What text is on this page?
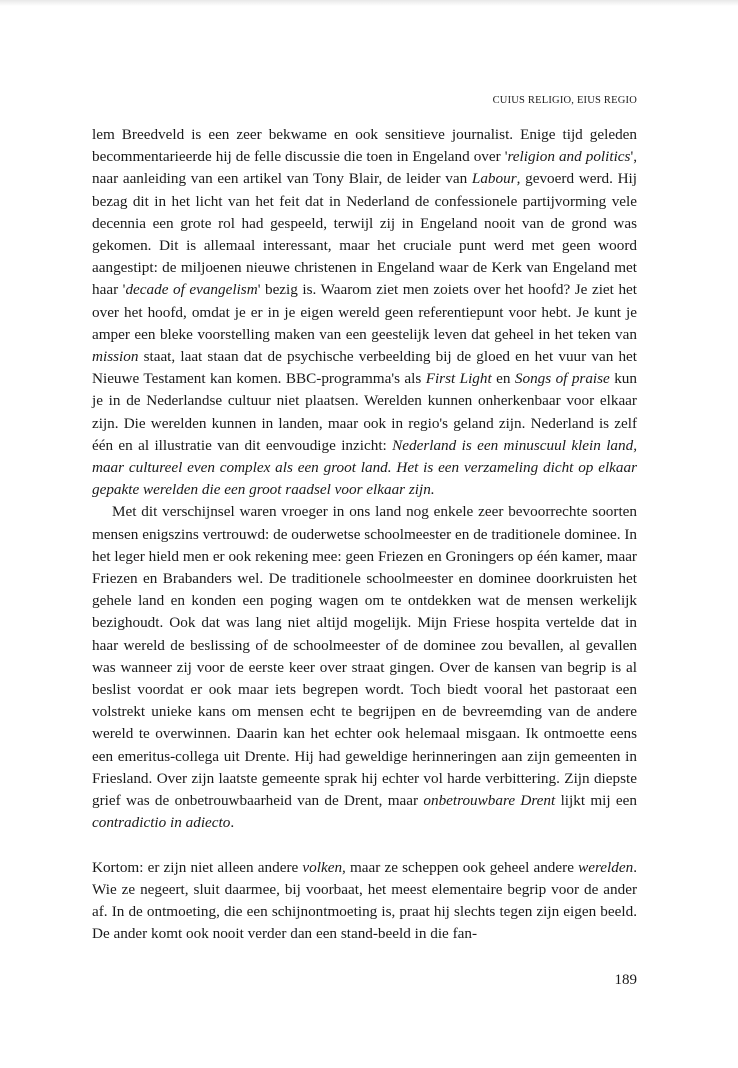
CUIUS RELIGIO, EIUS REGIO

lem Breedveld is een zeer bekwame en ook sensitieve journalist. Enige tijd geleden becommentarieerde hij de felle discussie die toen in Engeland over 'religion and politics', naar aanleiding van een artikel van Tony Blair, de leider van Labour, gevoerd werd. Hij bezag dit in het licht van het feit dat in Nederland de confessionele partijvorming vele decennia een grote rol had gespeeld, terwijl zij in Engeland nooit van de grond was gekomen. Dit is allemaal interessant, maar het cruciale punt werd met geen woord aangestipt: de miljoenen nieuwe christenen in Engeland waar de Kerk van Engeland met haar 'decade of evangelism' bezig is. Waarom ziet men zoiets over het hoofd? Je ziet het over het hoofd, omdat je er in je eigen wereld geen referentiepunt voor hebt. Je kunt je amper een bleke voorstelling maken van een geestelijk leven dat geheel in het teken van mission staat, laat staan dat de psychische verbeelding bij de gloed en het vuur van het Nieuwe Testament kan komen. BBC-programma's als First Light en Songs of praise kun je in de Nederlandse cultuur niet plaatsen. Werelden kunnen onherkenbaar voor elkaar zijn. Die werelden kunnen in landen, maar ook in regio's geland zijn. Nederland is zelf één en al illustratie van dit eenvoudige inzicht: Nederland is een minuscuul klein land, maar cultureel even complex als een groot land. Het is een verzameling dicht op elkaar gepakte werelden die een groot raadsel voor elkaar zijn.

Met dit verschijnsel waren vroeger in ons land nog enkele zeer bevoorrechte soorten mensen enigszins vertrouwd: de ouderwetse schoolmeester en de traditionele dominee. In het leger hield men er ook rekening mee: geen Friezen en Groningers op één kamer, maar Friezen en Brabanders wel. De traditionele schoolmeester en dominee doorkruisten het gehele land en konden een poging wagen om te ontdekken wat de mensen werkelijk bezighoudt. Ook dat was lang niet altijd mogelijk. Mijn Friese hospita vertelde dat in haar wereld de beslissing of de schoolmeester of de dominee zou bevallen, al gevallen was wanneer zij voor de eerste keer over straat gingen. Over de kansen van begrip is al beslist voordat er ook maar iets begrepen wordt. Toch biedt vooral het pastoraat een volstrekt unieke kans om mensen echt te begrijpen en de bevreemding van de andere wereld te overwinnen. Daarin kan het echter ook helemaal misgaan. Ik ontmoette eens een emeritus-collega uit Drente. Hij had geweldige herinneringen aan zijn gemeenten in Friesland. Over zijn laatste gemeente sprak hij echter vol harde verbittering. Zijn diepste grief was de onbetrouwbaarheid van de Drent, maar onbetrouwbare Drent lijkt mij een contradictio in adiecto.

Kortom: er zijn niet alleen andere volken, maar ze scheppen ook geheel andere werelden. Wie ze negeert, sluit daarmee, bij voorbaat, het meest elementaire begrip voor de ander af. In de ontmoeting, die een schijnontmoeting is, praat hij slechts tegen zijn eigen beeld. De ander komt ook nooit verder dan een stand-beeld in die fan-

189
